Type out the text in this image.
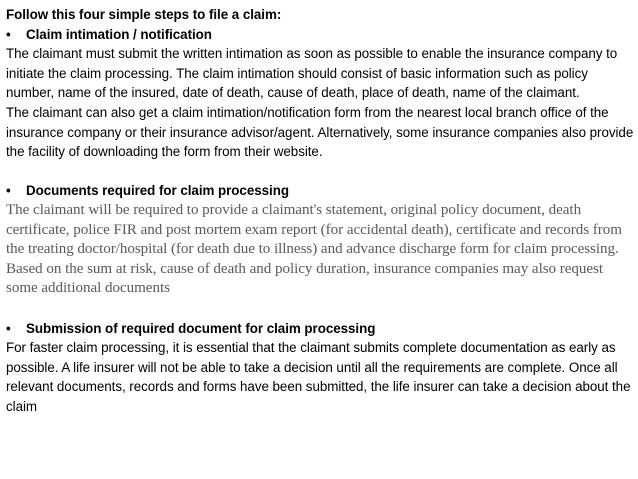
Follow this four simple steps to file a claim:

• Claim intimation / notification

The claimant must submit the written intimation as soon as possible to enable the insurance company to initiate the claim processing. The claim intimation should consist of basic information such as policy number, name of the insured, date of death, cause of death, place of death, name of the claimant.

The claimant can also get a claim intimation/notification form from the nearest local branch office of the insurance company or their insurance advisor/agent. Alternatively, some insurance companies also provide the facility of downloading the form from their website.

• Documents required for claim processing

The claimant will be required to provide a claimant's statement, original policy document, death certificate, police FIR and post mortem exam report (for accidental death), certificate and records from the treating doctor/hospital (for death due to illness) and advance discharge form for claim processing. Based on the sum at risk, cause of death and policy duration, insurance companies may also request some additional documents

• Submission of required document for claim processing

For faster claim processing, it is essential that the claimant submits complete documentation as early as possible. A life insurer will not be able to take a decision until all the requirements are complete. Once all relevant documents, records and forms have been submitted, the life insurer can take a decision about the claim
